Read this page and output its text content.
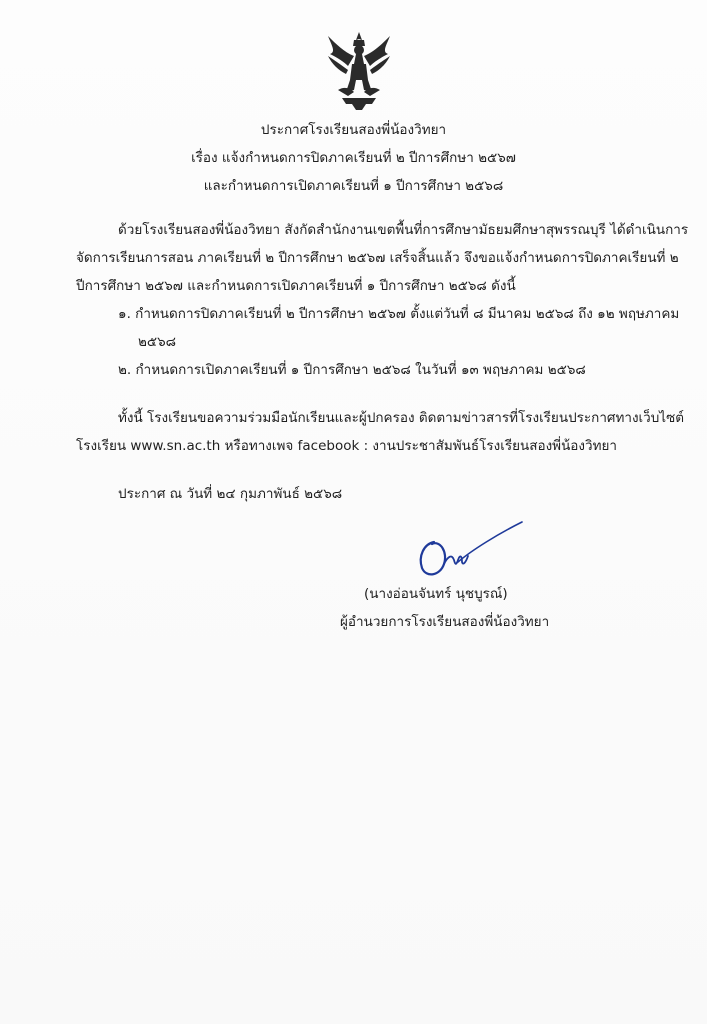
ประกาศโรงเรียนสองพี่น้องวิทยา
เรื่อง แจ้งกำหนดการปิดภาคเรียนที่ ๒ ปีการศึกษา ๒๕๖๗
และกำหนดการเปิดภาคเรียนที่ ๑ ปีการศึกษา ๒๕๖๘
ด้วยโรงเรียนสองพี่น้องวิทยา สังกัดสำนักงานเขตพื้นที่การศึกษามัธยมศึกษาสุพรรณบุรี ได้ดำเนินการ
จัดการเรียนการสอน ภาคเรียนที่ ๒ ปีการศึกษา ๒๕๖๗ เสร็จสิ้นแล้ว จึงขอแจ้งกำหนดการปิดภาคเรียนที่ ๒
ปีการศึกษา ๒๕๖๗ และกำหนดการเปิดภาคเรียนที่ ๑ ปีการศึกษา ๒๕๖๘ ดังนี้
๑. กำหนดการปิดภาคเรียนที่ ๒ ปีการศึกษา ๒๕๖๗ ตั้งแต่วันที่ ๘ มีนาคม ๒๕๖๘ ถึง ๑๒ พฤษภาคม
๒๕๖๘
๒. กำหนดการเปิดภาคเรียนที่ ๑ ปีการศึกษา ๒๕๖๘ ในวันที่ ๑๓ พฤษภาคม ๒๕๖๘
ทั้งนี้ โรงเรียนขอความร่วมมือนักเรียนและผู้ปกครอง ติดตามข่าวสารที่โรงเรียนประกาศทางเว็บไซต์
โรงเรียน www.sn.ac.th หรือทางเพจ facebook : งานประชาสัมพันธ์โรงเรียนสองพี่น้องวิทยา
ประกาศ ณ วันที่ ๒๔ กุมภาพันธ์ ๒๕๖๘
(นางอ่อนจันทร์ นุชบูรณ์)
ผู้อำนวยการโรงเรียนสองพี่น้องวิทยา
